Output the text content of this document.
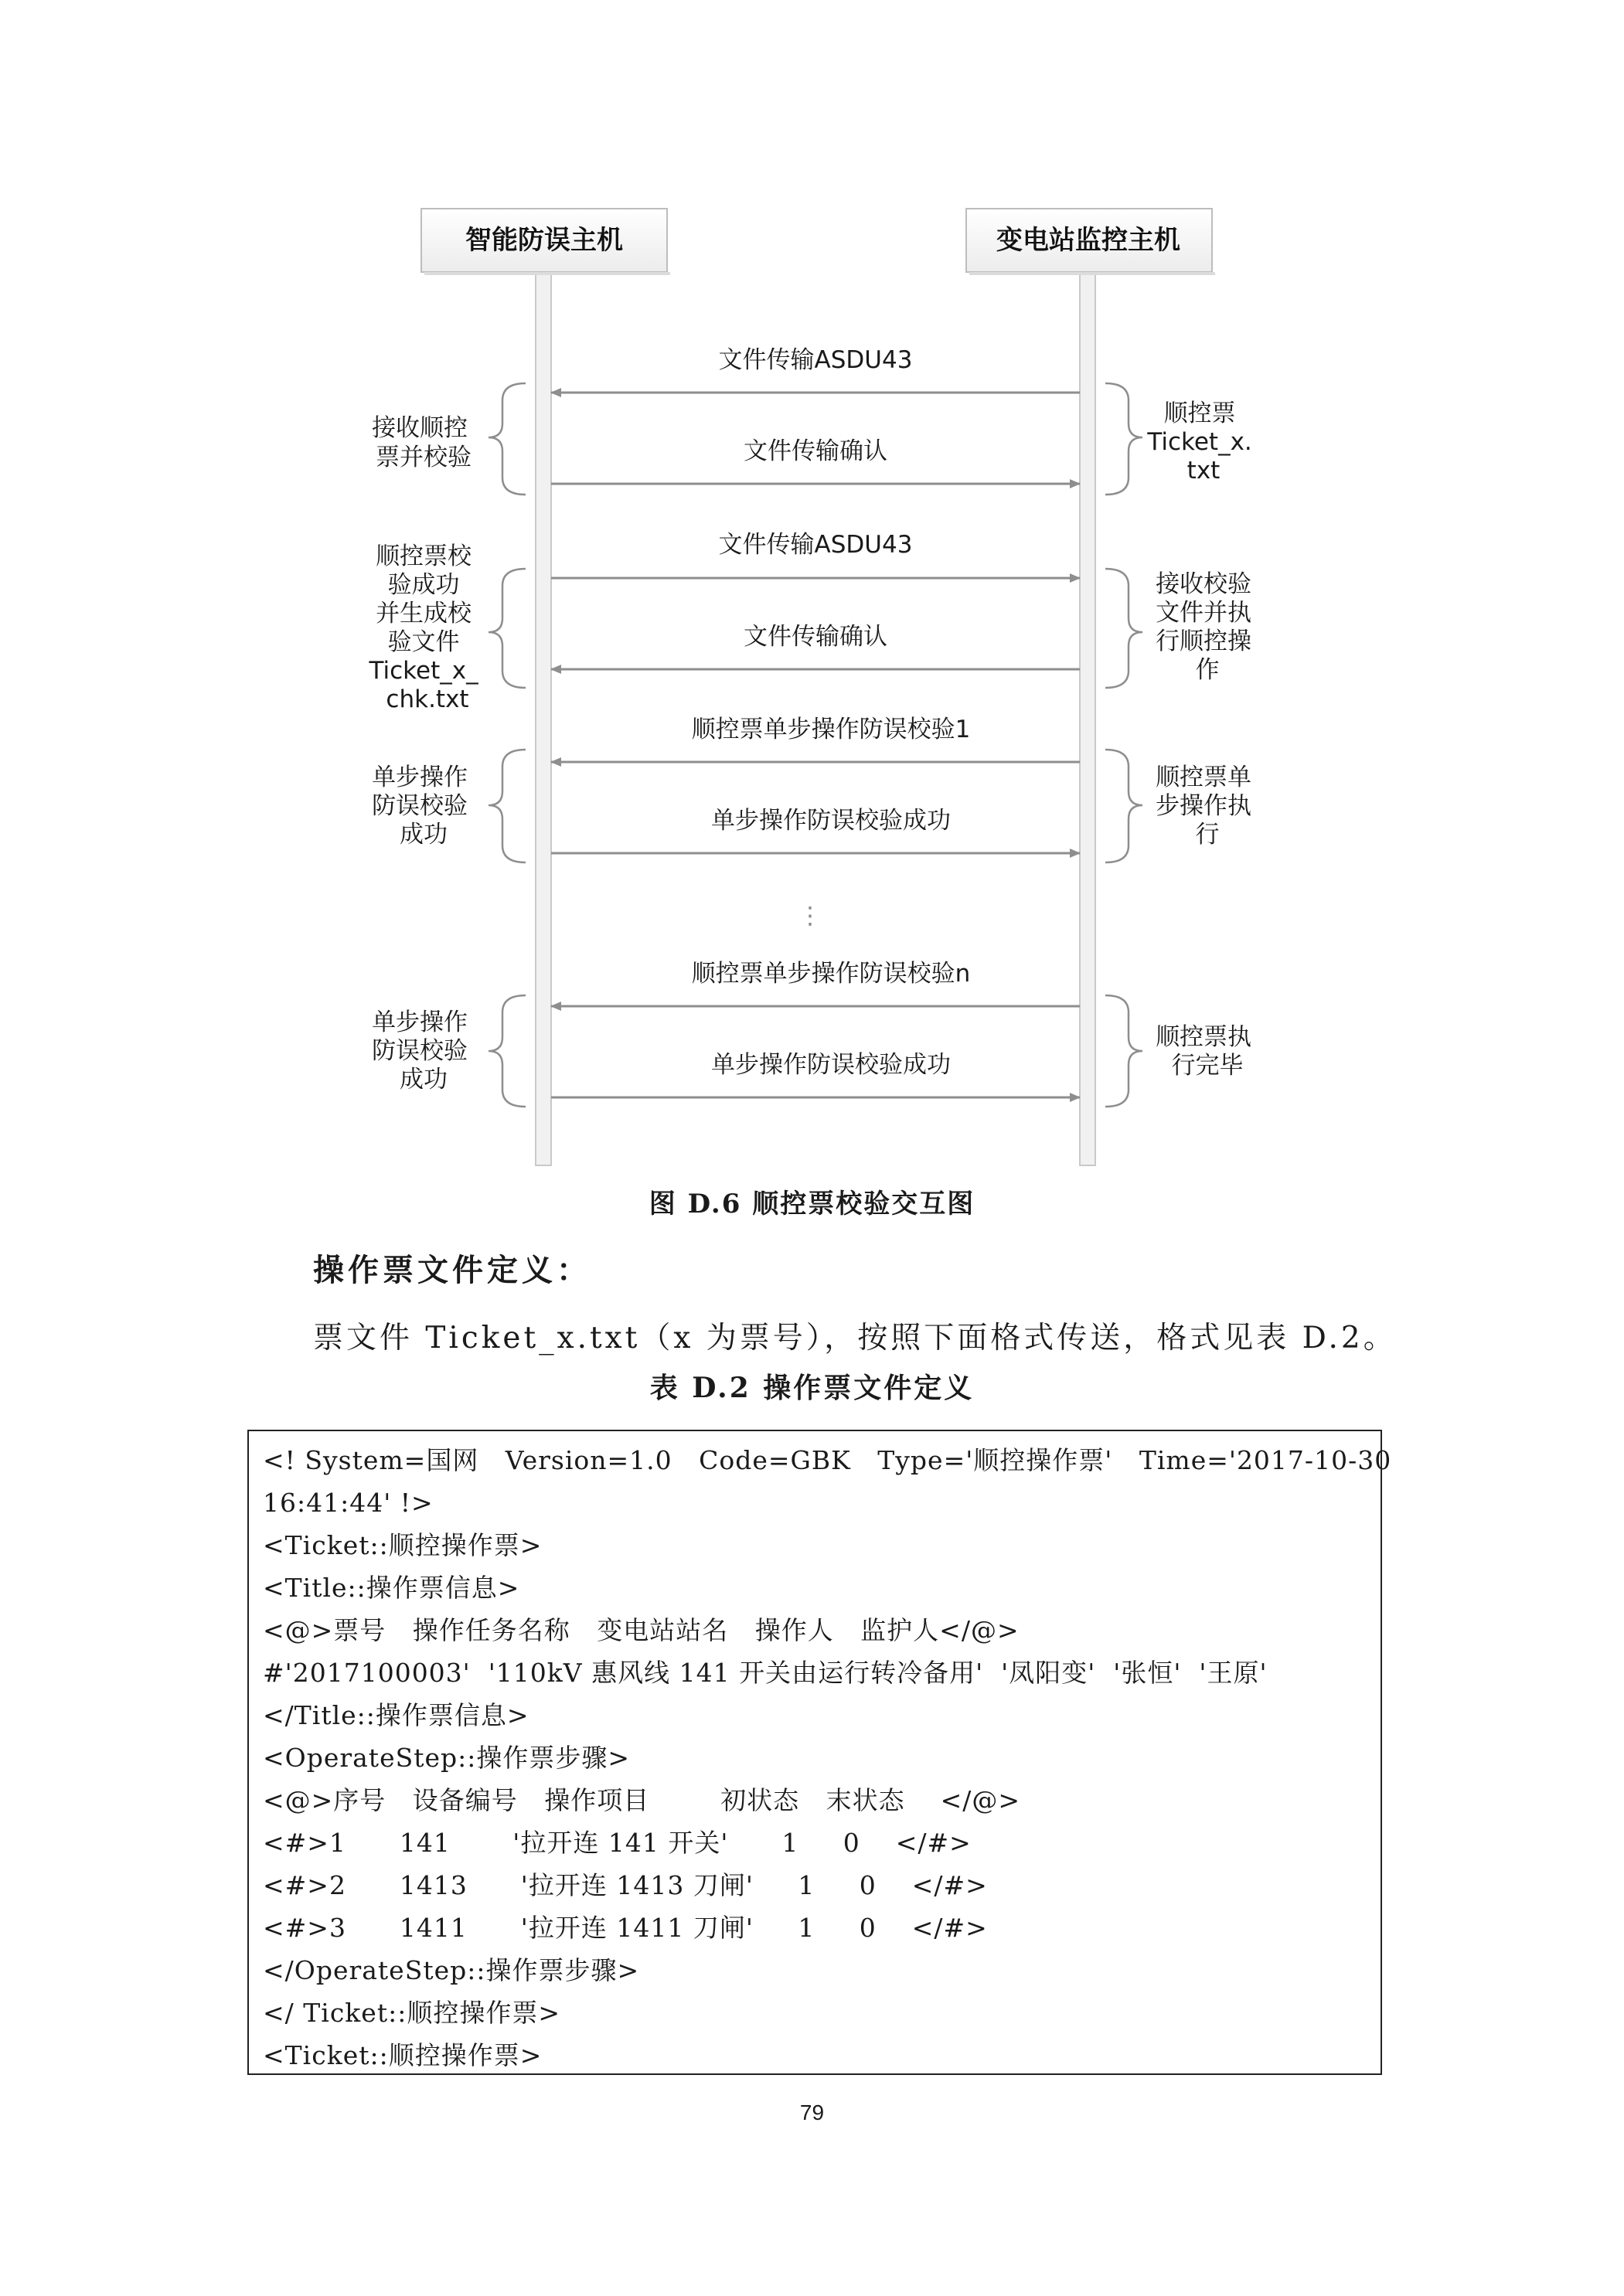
智能防误主机	变电站监控主机
文件传输ASDU43
文件传输确认
文件传输ASDU43
文件传输确认
顺控票单步操作防误校验1
单步操作防误校验成功
⋮
顺控票单步操作防误校验n
单步操作防误校验成功
接收顺控 票并校验
顺控票校 验成功 并生成校 验文件 Ticket_x_ chk.txt
单步操作 防误校验 成功
单步操作 防误校验 成功
顺控票 Ticket_x. txt
接收校验 文件并执 行顺控操 作
顺控票单 步操作执 行
顺控票执 行完毕
图 D.6 顺控票校验交互图
操作票文件定义：
票文件 Ticket_x.txt（x 为票号），按照下面格式传送，格式见表 D.2。
表 D.2 操作票文件定义
<! System=国网   Version=1.0   Code=GBK   Type='顺控操作票'   Time='2017-10-30
16:41:44' !>
<Ticket::顺控操作票>
<Title::操作票信息>
<@>票号   操作任务名称   变电站站名   操作人   监护人</@>
#'2017100003'  '110kV 惠风线 141 开关由运行转冷备用'  '凤阳变'  '张恒'  '王原'
</Title::操作票信息>
<OperateStep::操作票步骤>
<@>序号   设备编号   操作项目        初状态   末状态    </@>
<#>1      141       '拉开连 141 开关'      1     0    </#>
<#>2      1413      '拉开连 1413 刀闸'     1     0    </#>
<#>3      1411      '拉开连 1411 刀闸'     1     0    </#>
</OperateStep::操作票步骤>
</ Ticket::顺控操作票>
<Ticket::顺控操作票>
79
